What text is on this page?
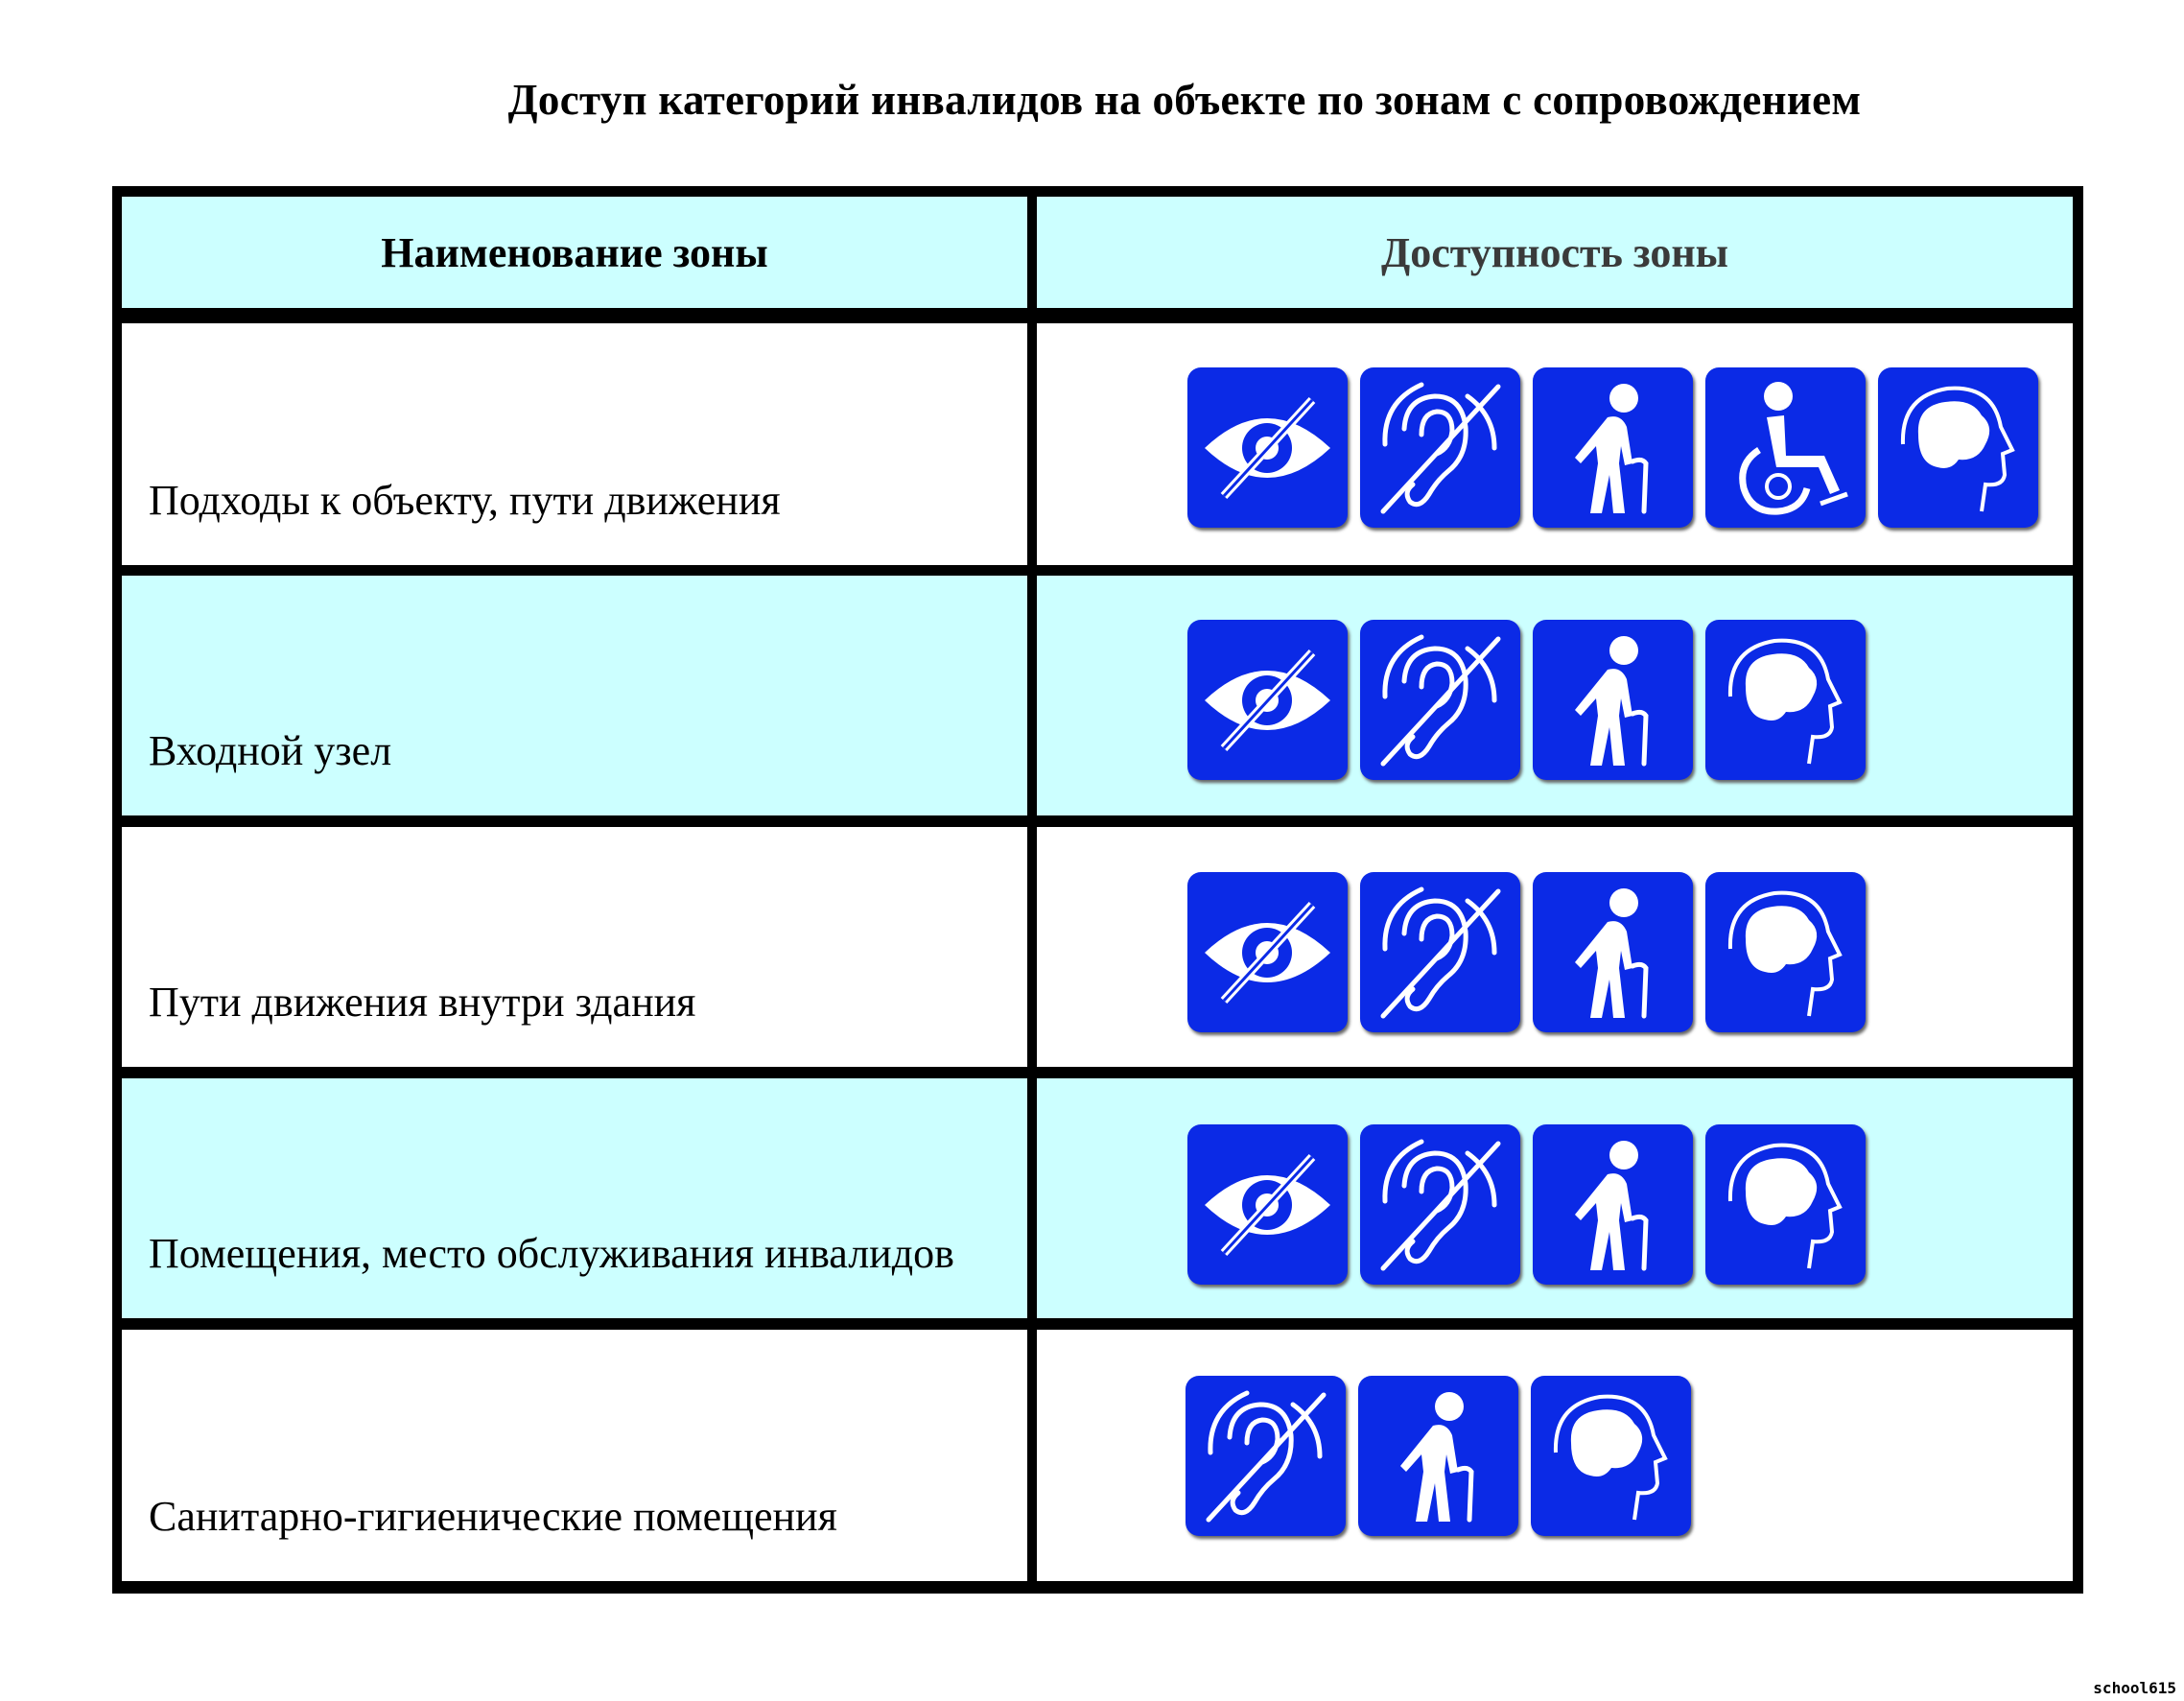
Доступ категорий инвалидов на объекте по зонам с сопровождением
Наименование зоны	Доступность зоны
Подходы к объекту, пути движения
Входной узел
Пути движения внутри здания
Помещения, место обслуживания инвалидов
Санитарно-гигиенические помещения
school615
